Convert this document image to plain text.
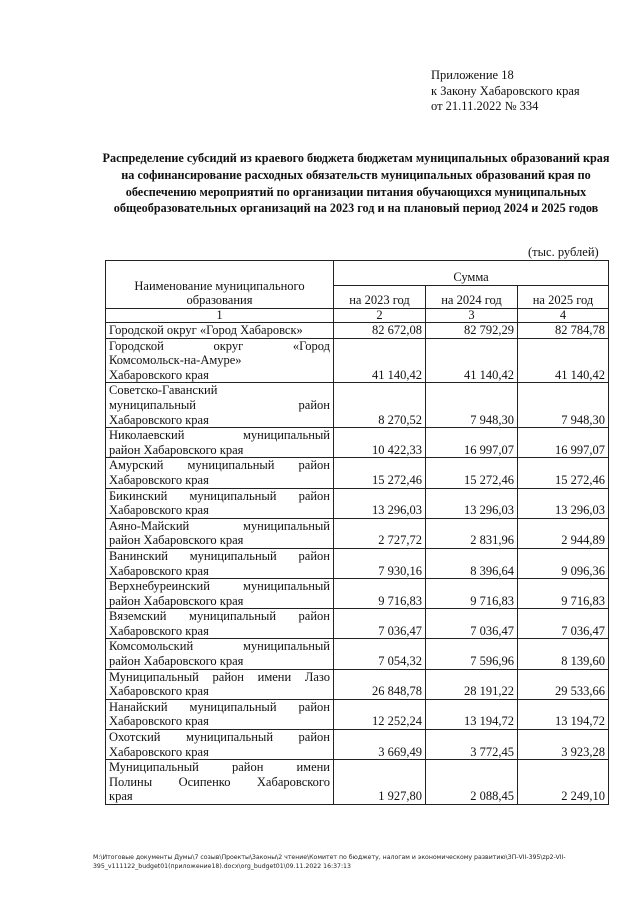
Приложение 18
к Закону Хабаровского края
от 21.11.2022 № 334
Распределение субсидий из краевого бюджета бюджетам муниципальных образований края на софинансирование расходных обязательств муниципальных образований края по обеспечению мероприятий по организации питания обучающихся муниципальных общеобразовательных организаций на 2023 год и на плановый период 2024 и 2025 годов
(тыс. рублей)
Наименование муниципального образования	Сумма		
	на 2023 год	на 2024 год	на 2025 год
1	2	3	4

Городской округ «Город Хабаровск»	82 672,08	82 792,29	82 784,78

Городской округ «Город
Комсомольск-на-Амуре»
Хабаровского края	41 140,42	41 140,42	41 140,42

Советско-Гаванский
муниципальный район
Хабаровского края	8 270,52	7 948,30	7 948,30

Николаевский муниципальный
район Хабаровского края	10 422,33	16 997,07	16 997,07

Амурский муниципальный район
Хабаровского края	15 272,46	15 272,46	15 272,46

Бикинский муниципальный район
Хабаровского края	13 296,03	13 296,03	13 296,03

Аяно-Майский муниципальный
район Хабаровского края	2 727,72	2 831,96	2 944,89

Ванинский муниципальный район
Хабаровского края	7 930,16	8 396,64	9 096,36

Верхнебуреинский муниципальный
район Хабаровского края	9 716,83	9 716,83	9 716,83

Вяземский муниципальный район
Хабаровского края	7 036,47	7 036,47	7 036,47

Комсомольский муниципальный
район Хабаровского края	7 054,32	7 596,96	8 139,60

Муниципальный район имени Лазо
Хабаровского края	26 848,78	28 191,22	29 533,66

Нанайский муниципальный район
Хабаровского края	12 252,24	13 194,72	13 194,72

Охотский муниципальный район
Хабаровского края	3 669,49	3 772,45	3 923,28

Муниципальный район имени
Полины Осипенко Хабаровского
края	1 927,80	2 088,45	2 249,10
M:\Итоговые документы Думы\7 созыв\Проекты\Законы\2 чтение\Комитет по бюджету, налогам и экономическому развитию\ЗП-VII-395\zp2-VII-395_v111122_budget01(приложение18).docx\org_budget01\09.11.2022 16:37:13
